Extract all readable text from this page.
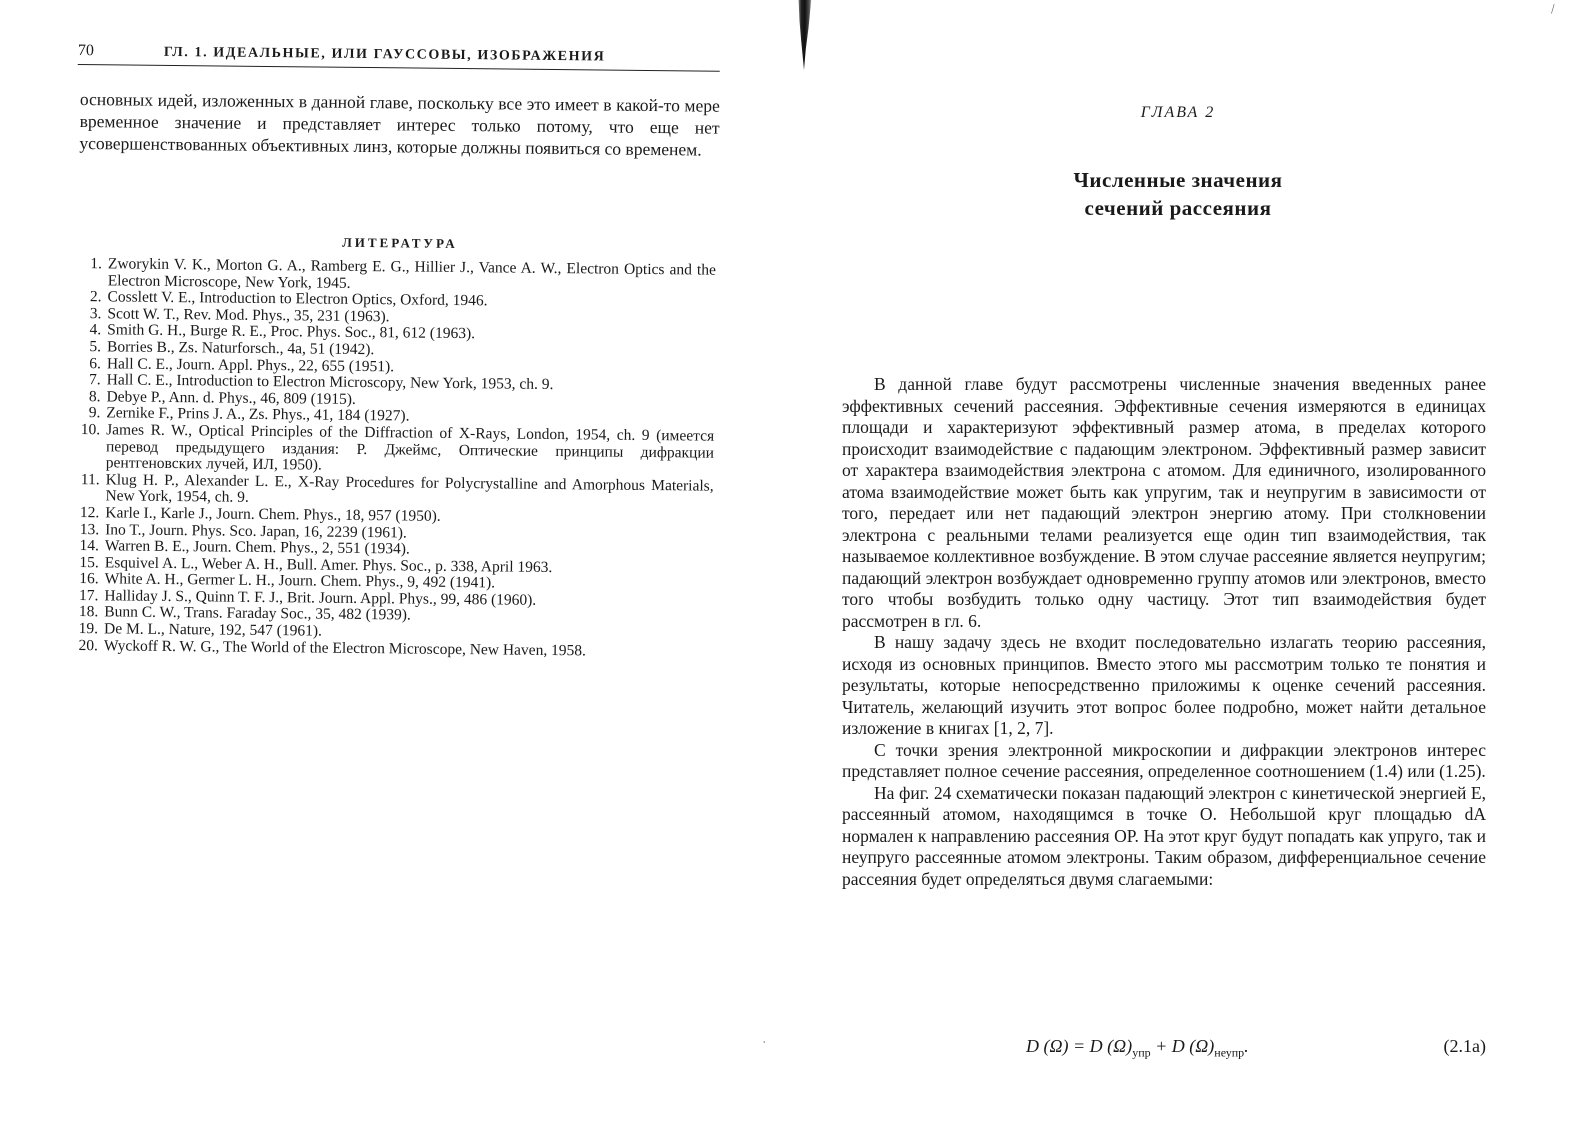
ˌ
\
70	ГЛ. 1. ИДЕАЛЬНЫЕ, ИЛИ ГАУССОВЫ, ИЗОБРАЖЕНИЯ

основных идей, изложенных в данной главе, поскольку все это имеет в какой-то мере временное значение и представляет интерес только потому, что еще нет усовершенствованных объективных линз, которые должны появиться со временем.

ЛИТЕРАТУРА
1. Zworykin V. K., Morton G. A., Ramberg E. G., Hillier J., Vance A. W., Electron Optics and the Electron Microscope, New York, 1945.
2. Cosslett V. E., Introduction to Electron Optics, Oxford, 1946.
3. Scott W. T., Rev. Mod. Phys., 35, 231 (1963).
4. Smith G. H., Burge R. E., Proc. Phys. Soc., 81, 612 (1963).
5. Borries B., Zs. Naturforsch., 4a, 51 (1942).
6. Hall C. E., Journ. Appl. Phys., 22, 655 (1951).
7. Hall C. E., Introduction to Electron Microscopy, New York, 1953, ch. 9.
8. Debye P., Ann. d. Phys., 46, 809 (1915).
9. Zernike F., Prins J. A., Zs. Phys., 41, 184 (1927).
10. James R. W., Optical Principles of the Diffraction of X-Rays, London, 1954, ch. 9 (имеется перевод предыдущего издания: Р. Джеймс, Оптические принципы дифракции рентгеновских лучей, ИЛ, 1950).
11. Klug H. P., Alexander L. E., X-Ray Procedures for Polycrystalline and Amorphous Materials, New York, 1954, ch. 9.
12. Karle I., Karle J., Journ. Chem. Phys., 18, 957 (1950).
13. Ino T., Journ. Phys. Sco. Japan, 16, 2239 (1961).
14. Warren B. E., Journ. Chem. Phys., 2, 551 (1934).
15. Esquivel A. L., Weber A. H., Bull. Amer. Phys. Soc., p. 338, April 1963.
16. White A. H., Germer L. H., Journ. Chem. Phys., 9, 492 (1941).
17. Halliday J. S., Quinn T. F. J., Brit. Journ. Appl. Phys., 99, 486 (1960).
18. Bunn C. W., Trans. Faraday Soc., 35, 482 (1939).
19. De M. L., Nature, 192, 547 (1961).
20. Wyckoff R. W. G., The World of the Electron Microscope, New Haven, 1958.
ГЛАВА 2
Численные значения
сечений рассеяния

В данной главе будут рассмотрены численные значения введенных ранее эффективных сечений рассеяния. Эффективные сечения измеряются в единицах площади и характеризуют эффективный размер атома, в пределах которого происходит взаимодействие с падающим электроном. Эффективный размер зависит от характера взаимодействия электрона с атомом. Для единичного, изолированного атома взаимодействие может быть как упругим, так и неупругим в зависимости от того, передает или нет падающий электрон энергию атому. При столкновении электрона с реальными телами реализуется еще один тип взаимодействия, так называемое коллективное возбуждение. В этом случае рассеяние является неупругим; падающий электрон возбуждает одновременно группу атомов или электронов, вместо того чтобы возбудить только одну частицу. Этот тип взаимодействия будет рассмотрен в гл. 6.

В нашу задачу здесь не входит последовательно излагать теорию рассеяния, исходя из основных принципов. Вместо этого мы рассмотрим только те понятия и результаты, которые непосредственно приложимы к оценке сечений рассеяния. Читатель, желающий изучить этот вопрос более подробно, может найти детальное изложение в книгах [1, 2, 7].

С точки зрения электронной микроскопии и дифракции электронов интерес представляет полное сечение рассеяния, определенное соотношением (1.4) или (1.25).

На фиг. 24 схематически показан падающий электрон с кинетической энергией E, рассеянный атомом, находящимся в точке O. Небольшой круг площадью dA нормален к направлению рассеяния OP. На этот круг будут попадать как упруго, так и неупруго рассеянные атомом электроны. Таким образом, дифференциальное сечение рассеяния будет определяться двумя слагаемыми:

D (Ω) = D $(\Omega)_{упр} + D$ $(\Omega)_{неупр}$.	(2.1а)
